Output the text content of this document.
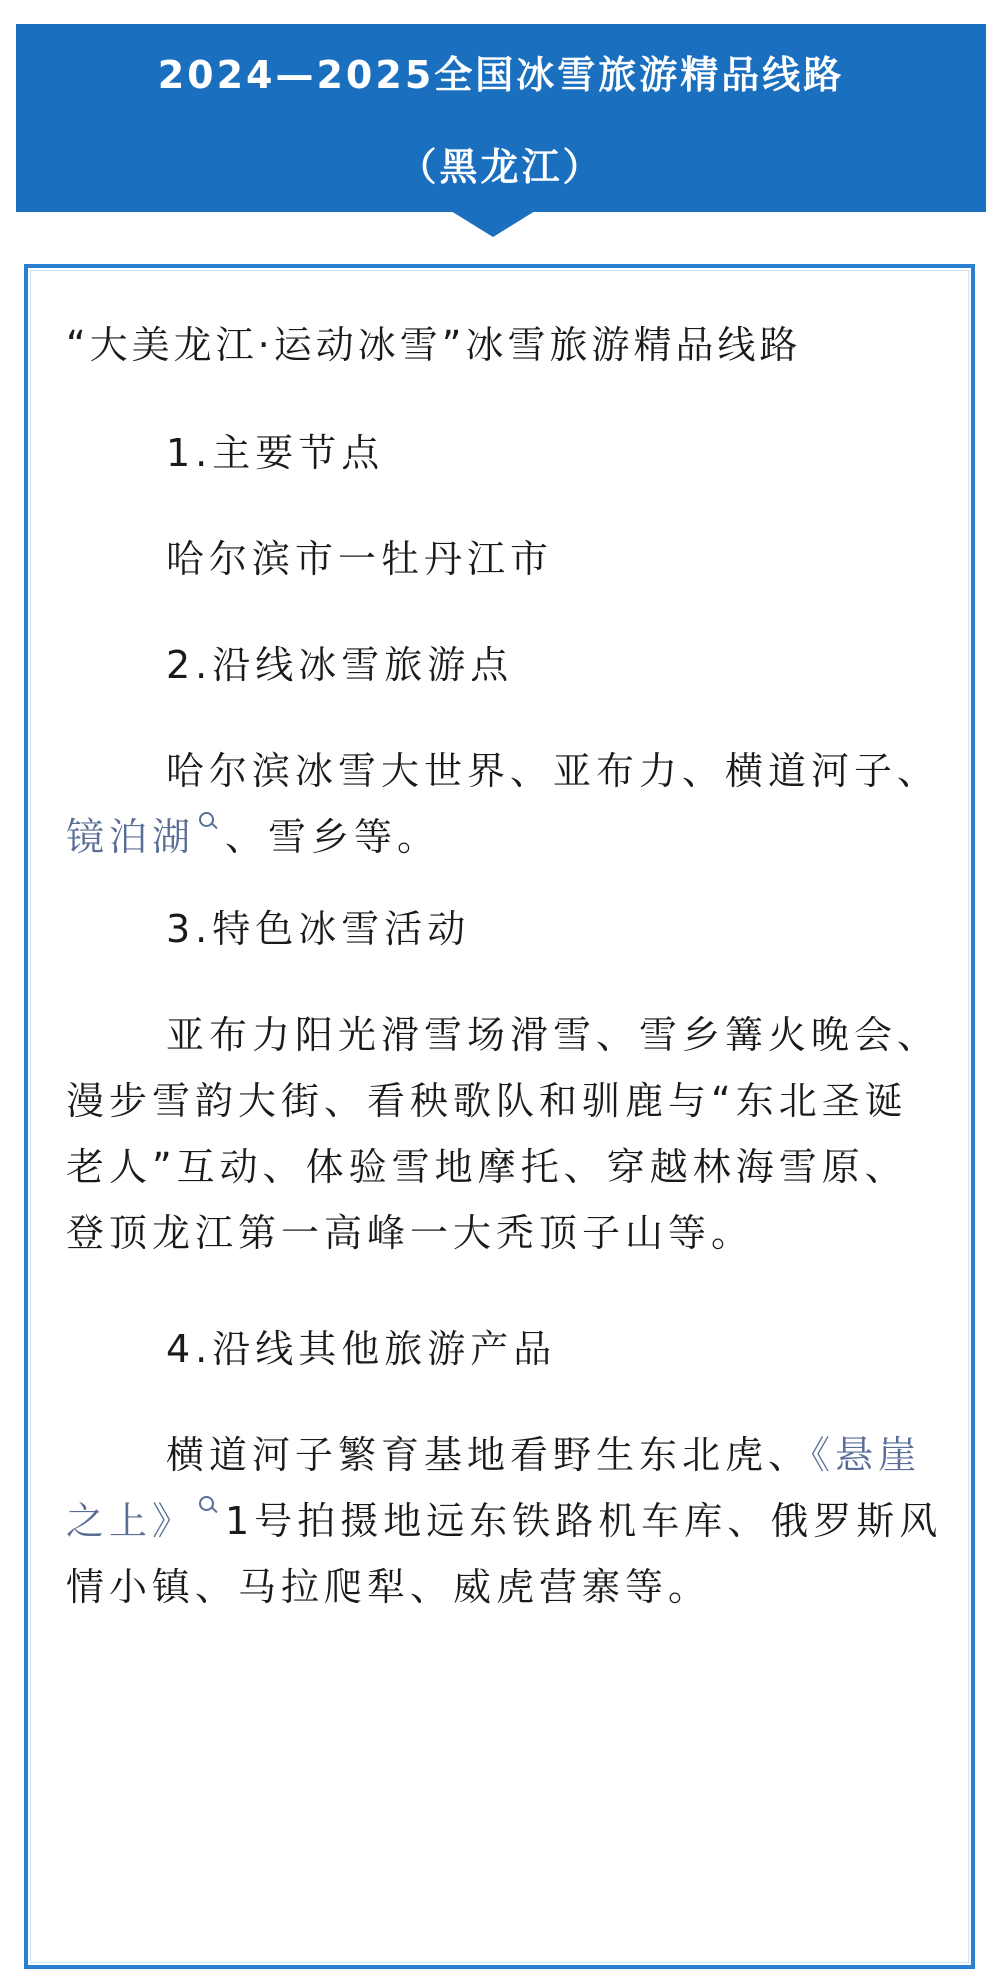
2024—2025全国冰雪旅游精品线路
（黑龙江）
“大美龙江·运动冰雪”冰雪旅游精品线路
1.主要节点
哈尔滨市一牡丹江市
2.沿线冰雪旅游点
哈尔滨冰雪大世界、亚布力、横道河子、镜泊湖 、雪乡等。
3.特色冰雪活动
亚布力阳光滑雪场滑雪、雪乡篝火晚会、漫步雪韵大街、看秧歌队和驯鹿与“东北圣诞老人”互动、体验雪地摩托、穿越林海雪原、登顶龙江第一高峰一大秃顶子山等。
4.沿线其他旅游产品
横道河子繁育基地看野生东北虎、《悬崖之上》 1号拍摄地远东铁路机车库、俄罗斯风情小镇、马拉爬犁、威虎营寨等。
